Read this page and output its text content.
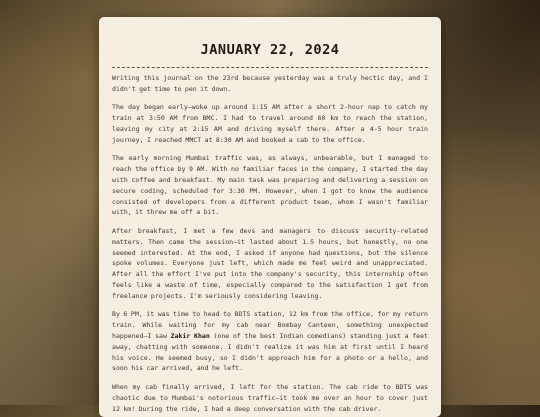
JANUARY 22, 2024

Writing this journal on the 23rd because yesterday was a truly hectic day, and I didn't get time to pen it down.

The day began early—woke up around 1:15 AM after a short 2-hour nap to catch my train at 3:50 AM from BMC. I had to travel around 60 km to reach the station, leaving my city at 2:15 AM and driving myself there. After a 4-5 hour train journey, I reached MMCT at 8:30 AM and booked a cab to the office.

The early morning Mumbai traffic was, as always, unbearable, but I managed to reach the office by 9 AM. With no familiar faces in the company, I started the day with coffee and breakfast. My main task was preparing and delivering a session on secure coding, scheduled for 3:30 PM. However, when I got to know the audience consisted of developers from a different product team, whom I wasn't familiar with, it threw me off a bit.

After breakfast, I met a few devs and managers to discuss security-related matters. Then came the session—it lasted about 1.5 hours, but honestly, no one seemed interested. At the end, I asked if anyone had questions, but the silence spoke volumes. Everyone just left, which made me feel weird and unappreciated. After all the effort I've put into the company's security, this internship often feels like a waste of time, especially compared to the satisfaction I get from freelance projects. I'm seriously considering leaving.

By 6 PM, it was time to head to BDTS station, 12 km from the office, for my return train. While waiting for my cab near Bombay Canteen, something unexpected happened—I saw Zakir Khan (one of the best Indian comedians) standing just a feet away, chatting with someone. I didn't realize it was him at first until I heard his voice. He seemed busy, so I didn't approach him for a photo or a hello, and soon his car arrived, and he left.

When my cab finally arrived, I left for the station. The cab ride to BDTS was chaotic due to Mumbai's notorious traffic—it took me over an hour to cover just 12 km! During the ride, I had a deep conversation with the cab driver.
